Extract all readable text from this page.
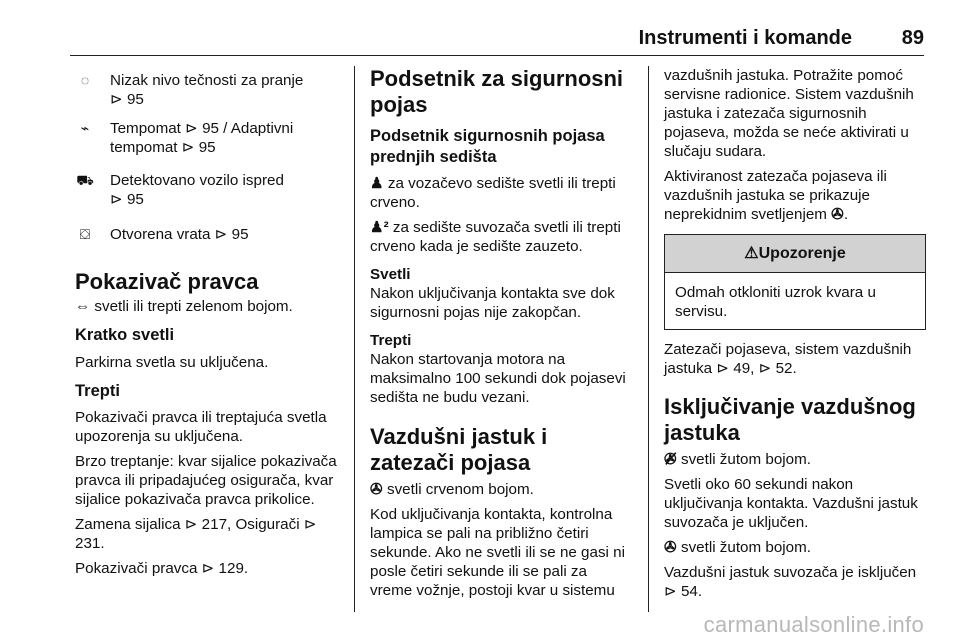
Instrumenti i komande 89
◌	Nizak nivo tečnosti za pranje
⊳ 95
⌁	Tempomat ⊳ 95 / Adaptivni tempomat ⊳ 95
⛟ Detektovano vozilo ispred
⊳ 95
⛋	Otvorena vrata ⊳ 95
Pokazivač pravca

⇔ svetli ili trepti zelenom bojom.

Kratko svetli

Parkirna svetla su uključena.

Trepti

Pokazivači pravca ili treptajuća svetla upozorenja su uključena.

Brzo treptanje: kvar sijalice pokazivača pravca ili pripadajućeg osigurača, kvar sijalice pokazivača pravca prikolice.

Zamena sijalica ⊳ 217, Osigurači ⊳ 231.

Pokazivači pravca ⊳ 129.

Podsetnik za sigurnosni pojas
Podsetnik sigurnosnih pojasa prednjih sedišta

♟ za vozačevo sedište svetli ili trepti crveno.

♟² za sedište suvozača svetli ili trepti crveno kada je sedište zauzeto.

Svetli
Nakon uključivanja kontakta sve dok sigurnosni pojas nije zakopčan.

Trepti
Nakon startovanja motora na maksimalno 100 sekundi dok pojasevi sedišta ne budu vezani.

Vazdušni jastuk i zatezači pojasa

✇ svetli crvenom bojom.

Kod uključivanja kontakta, kontrolna lampica se pali na približno četiri sekunde. Ako ne svetli ili se ne gasi ni posle četiri sekunde ili se pali za vreme vožnje, postoji kvar u sistemu

vazdušnih jastuka. Potražite pomoć servisne radionice. Sistem vazdušnih jastuka i zatezača sigurnosnih pojaseva, možda se neće aktivirati u slučaju sudara.

Aktiviranost zatezača pojaseva ili vazdušnih jastuka se prikazuje neprekidnim svetljenjem ✇.

⚠Upozorenje
Odmah otkloniti uzrok kvara u servisu.

Zatezači pojaseva, sistem vazdušnih jastuka ⊳ 49, ⊳ 52.

Isključivanje vazdušnog jastuka

✇̸ svetli žutom bojom.

Svetli oko 60 sekundi nakon uključivanja kontakta. Vazdušni jastuk suvozača je uključen.

✇ svetli žutom bojom.

Vazdušni jastuk suvozača je isključen ⊳ 54.

carmanualsonline.info
